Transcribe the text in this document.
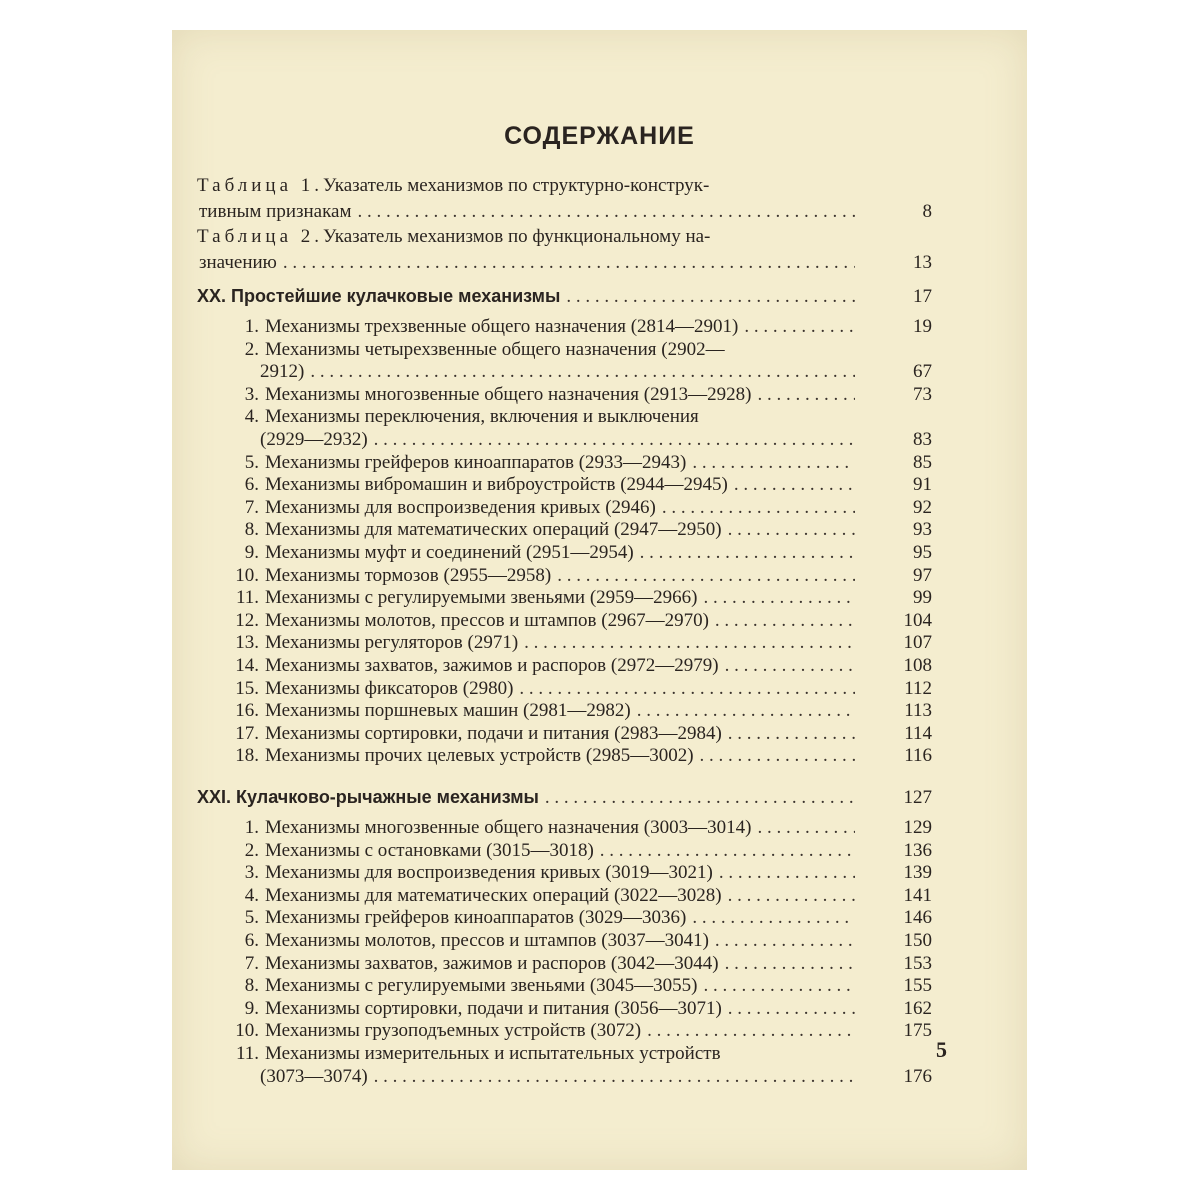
СОДЕРЖАНИЕ
Таблица 1. Указатель механизмов по структурно-конструк-
тивным признакам . . .	8
Таблица 2. Указатель механизмов по функциональному на-
значению . . .	13
XX. Простейшие кулачковые механизмы . . .	17
1. Механизмы трехзвенные общего назначения (2814—2901) . . .	19
2. Механизмы четырехзвенные общего назначения (2902—
2912) . . .	67
3. Механизмы многозвенные общего назначения (2913—2928) . . .	73
4. Механизмы переключения, включения и выключения
(2929—2932) . . .	83
5. Механизмы грейферов киноаппаратов (2933—2943) . . .	85
6. Механизмы вибромашин и виброустройств (2944—2945) . . .	91
7. Механизмы для воспроизведения кривых (2946) . . .	92
8. Механизмы для математических операций (2947—2950) . . .	93
9. Механизмы муфт и соединений (2951—2954) . . .	95
10. Механизмы тормозов (2955—2958) . . .	97
11. Механизмы с регулируемыми звеньями (2959—2966) . . .	99
12. Механизмы молотов, прессов и штампов (2967—2970) . . .	104
13. Механизмы регуляторов (2971) . . .	107
14. Механизмы захватов, зажимов и распоров (2972—2979) . . .	108
15. Механизмы фиксаторов (2980) . . .	112
16. Механизмы поршневых машин (2981—2982) . . .	113
17. Механизмы сортировки, подачи и питания (2983—2984) . . .	114
18. Механизмы прочих целевых устройств (2985—3002) . . .	116
XXI. Кулачково-рычажные механизмы . . .	127
1. Механизмы многозвенные общего назначения (3003—3014) . . .	129
2. Механизмы с остановками (3015—3018) . . .	136
3. Механизмы для воспроизведения кривых (3019—3021) . . .	139
4. Механизмы для математических операций (3022—3028) . . .	141
5. Механизмы грейферов киноаппаратов (3029—3036) . . .	146
6. Механизмы молотов, прессов и штампов (3037—3041) . . .	150
7. Механизмы захватов, зажимов и распоров (3042—3044) . . .	153
8. Механизмы с регулируемыми звеньями (3045—3055) . . .	155
9. Механизмы сортировки, подачи и питания (3056—3071) . . .	162
10. Механизмы грузоподъемных устройств (3072) . . .	175
11. Механизмы измерительных и испытательных устройств
(3073—3074) . . .	176
5
